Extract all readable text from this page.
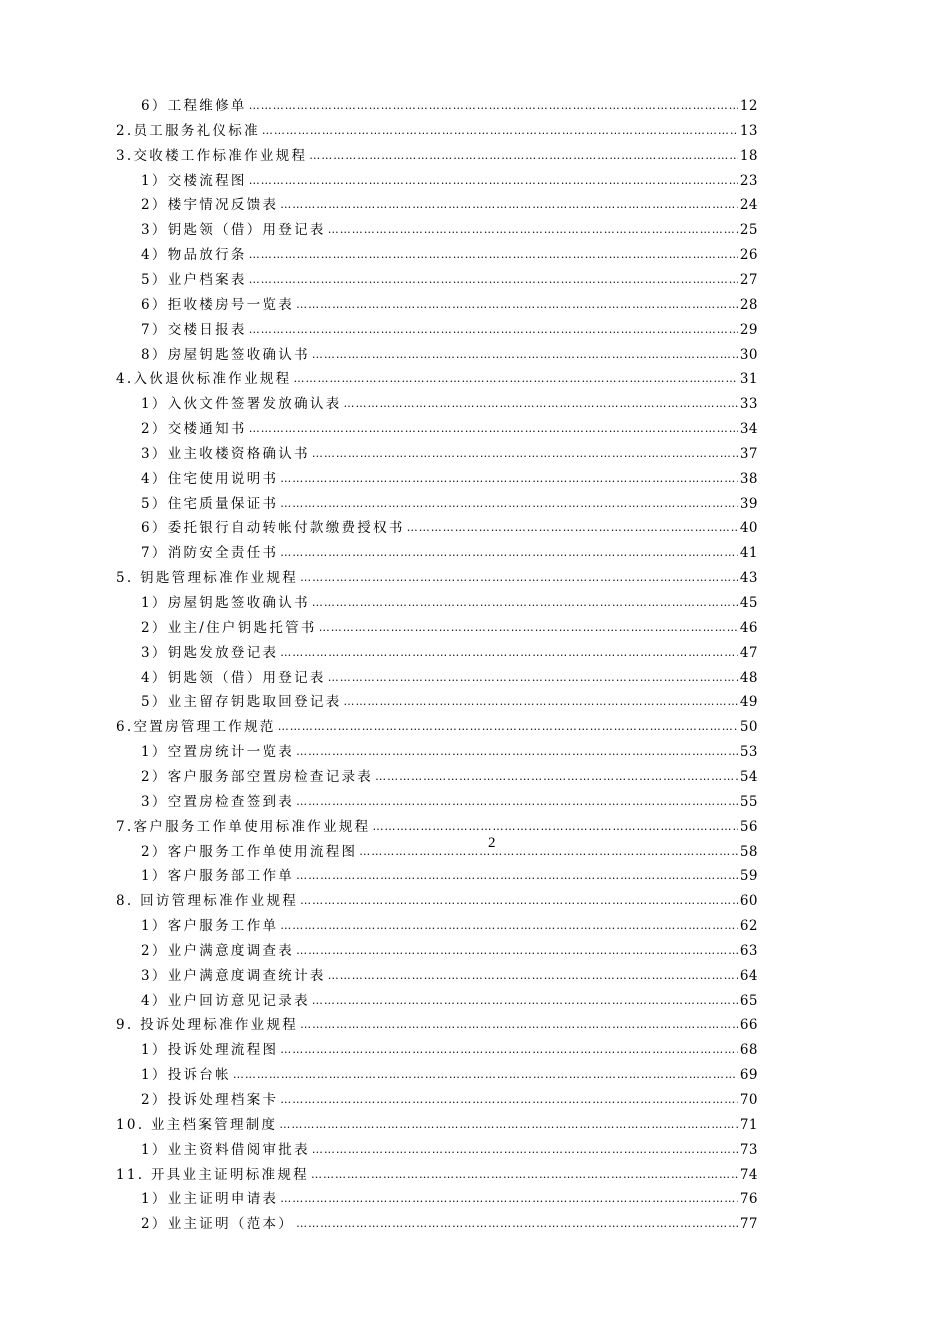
6）工程维修单 ………………………………………………………………………………………………………………………………………………………………………………………………………………	12
2.员工服务礼仪标准 ………………………………………………………………………………………………………………………………………………………………………………………………………………	13
3.交收楼工作标准作业规程 ………………………………………………………………………………………………………………………………………………………………………………………………………………	18
1）交楼流程图 ………………………………………………………………………………………………………………………………………………………………………………………………………………	23
2）楼宇情况反馈表 ………………………………………………………………………………………………………………………………………………………………………………………………………………	24
3）钥匙领（借）用登记表 ………………………………………………………………………………………………………………………………………………………………………………………………………………	25
4）物品放行条 ………………………………………………………………………………………………………………………………………………………………………………………………………………	26
5）业户档案表 ………………………………………………………………………………………………………………………………………………………………………………………………………………	27
6）拒收楼房号一览表 ………………………………………………………………………………………………………………………………………………………………………………………………………………	28
7）交楼日报表 ………………………………………………………………………………………………………………………………………………………………………………………………………………	29
8）房屋钥匙签收确认书 ………………………………………………………………………………………………………………………………………………………………………………………………………………	30
4.入伙退伙标准作业规程 ………………………………………………………………………………………………………………………………………………………………………………………………………………	31
1）入伙文件签署发放确认表 ………………………………………………………………………………………………………………………………………………………………………………………………………………	33
2）交楼通知书 ………………………………………………………………………………………………………………………………………………………………………………………………………………	34
3）业主收楼资格确认书 ………………………………………………………………………………………………………………………………………………………………………………………………………………	37
4）住宅使用说明书 ………………………………………………………………………………………………………………………………………………………………………………………………………………	38
5）住宅质量保证书 ………………………………………………………………………………………………………………………………………………………………………………………………………………	39
6）委托银行自动转帐付款缴费授权书 ………………………………………………………………………………………………………………………………………………………………………………………………………………	40
7）消防安全责任书 ………………………………………………………………………………………………………………………………………………………………………………………………………………	41
5. 钥匙管理标准作业规程 ………………………………………………………………………………………………………………………………………………………………………………………………………………	43
1）房屋钥匙签收确认书 ………………………………………………………………………………………………………………………………………………………………………………………………………………	45
2）业主/住户钥匙托管书 ………………………………………………………………………………………………………………………………………………………………………………………………………………	46
3）钥匙发放登记表 ………………………………………………………………………………………………………………………………………………………………………………………………………………	47
4）钥匙领（借）用登记表 ………………………………………………………………………………………………………………………………………………………………………………………………………………	48
5）业主留存钥匙取回登记表 ………………………………………………………………………………………………………………………………………………………………………………………………………………	49
6.空置房管理工作规范 ………………………………………………………………………………………………………………………………………………………………………………………………………………	50
1）空置房统计一览表 ………………………………………………………………………………………………………………………………………………………………………………………………………………	53
2）客户服务部空置房检查记录表 ………………………………………………………………………………………………………………………………………………………………………………………………………………	54
3）空置房检查签到表 ………………………………………………………………………………………………………………………………………………………………………………………………………………	55
7.客户服务工作单使用标准作业规程 ………………………………………………………………………………………………………………………………………………………………………………………………………………	56
2）客户服务工作单使用流程图 ………………………………………………………………………………………………………………………………………………………………………………………………………………	58
1）客户服务部工作单 ………………………………………………………………………………………………………………………………………………………………………………………………………………	59
8. 回访管理标准作业规程 ………………………………………………………………………………………………………………………………………………………………………………………………………………	60
1）客户服务工作单 ………………………………………………………………………………………………………………………………………………………………………………………………………………	62
2）业户满意度调查表 ………………………………………………………………………………………………………………………………………………………………………………………………………………	63
3）业户满意度调查统计表 ………………………………………………………………………………………………………………………………………………………………………………………………………………	64
4）业户回访意见记录表 ………………………………………………………………………………………………………………………………………………………………………………………………………………	65
9. 投诉处理标准作业规程 ………………………………………………………………………………………………………………………………………………………………………………………………………………	66
1）投诉处理流程图 ………………………………………………………………………………………………………………………………………………………………………………………………………………	68
1）投诉台帐 ………………………………………………………………………………………………………………………………………………………………………………………………………………	69
2）投诉处理档案卡 ………………………………………………………………………………………………………………………………………………………………………………………………………………	70
10. 业主档案管理制度 ………………………………………………………………………………………………………………………………………………………………………………………………………………	71
1）业主资料借阅审批表 ………………………………………………………………………………………………………………………………………………………………………………………………………………	73
11. 开具业主证明标准规程 ………………………………………………………………………………………………………………………………………………………………………………………………………………	74
1）业主证明申请表 ………………………………………………………………………………………………………………………………………………………………………………………………………………	76
2）业主证明（范本） ………………………………………………………………………………………………………………………………………………………………………………………………………………	77
2
